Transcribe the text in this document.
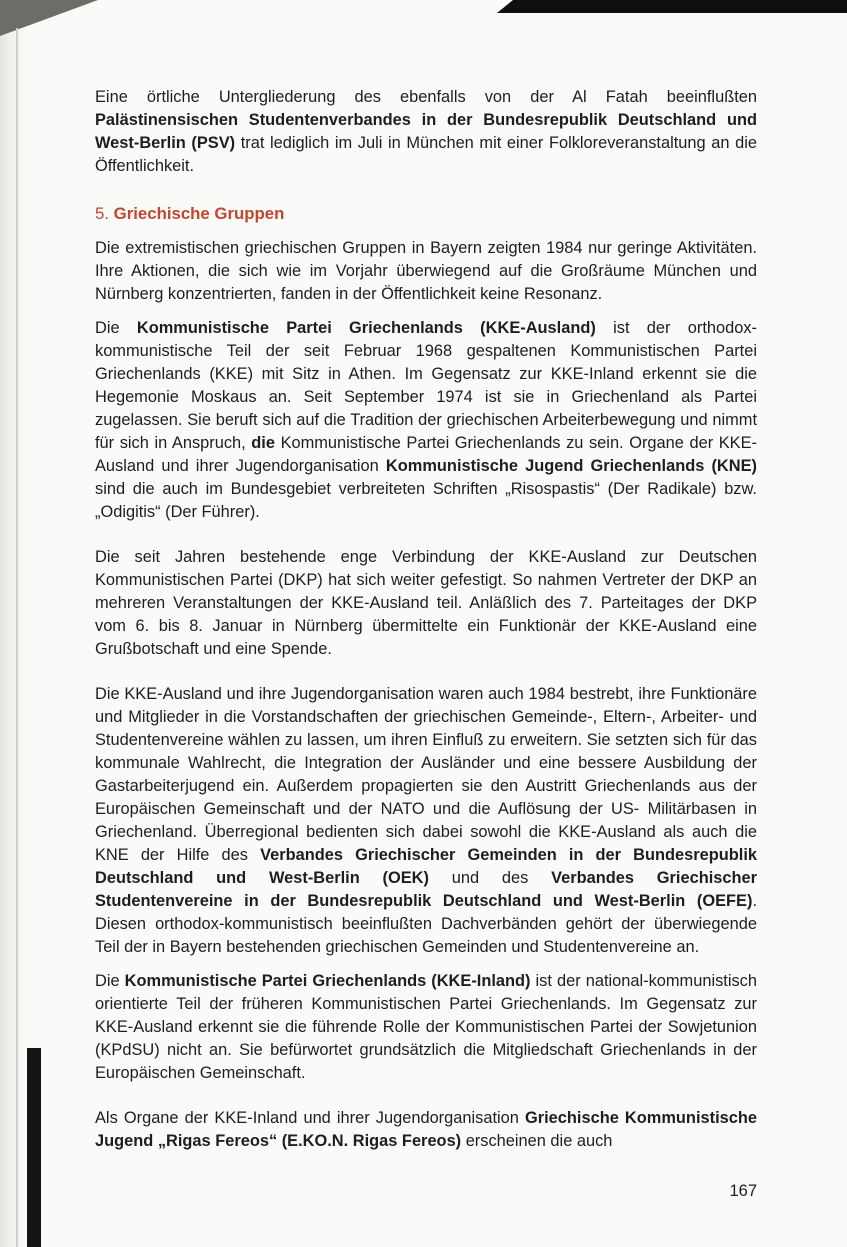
Eine örtliche Untergliederung des ebenfalls von der Al Fatah beeinflußten Palästinensischen Studentenverbandes in der Bundesrepublik Deutschland und West-Berlin (PSV) trat lediglich im Juli in München mit einer Folkloreveranstaltung an die Öffentlichkeit.

5. Griechische Gruppen

Die extremistischen griechischen Gruppen in Bayern zeigten 1984 nur geringe Aktivitäten. Ihre Aktionen, die sich wie im Vorjahr überwiegend auf die Großräume München und Nürnberg konzentrierten, fanden in der Öffentlichkeit keine Resonanz.

Die Kommunistische Partei Griechenlands (KKE-Ausland) ist der orthodox-kommunistische Teil der seit Februar 1968 gespaltenen Kommunistischen Partei Griechenlands (KKE) mit Sitz in Athen. Im Gegensatz zur KKE-Inland erkennt sie die Hegemonie Moskaus an. Seit September 1974 ist sie in Griechenland als Partei zugelassen. Sie beruft sich auf die Tradition der griechischen Arbeiterbewegung und nimmt für sich in Anspruch, die Kommunistische Partei Griechenlands zu sein. Organe der KKE-Ausland und ihrer Jugendorganisation Kommunistische Jugend Griechenlands (KNE) sind die auch im Bundesgebiet verbreiteten Schriften „Risospastis“ (Der Radikale) bzw. „Odigitis“ (Der Führer).

Die seit Jahren bestehende enge Verbindung der KKE-Ausland zur Deutschen Kommunistischen Partei (DKP) hat sich weiter gefestigt. So nahmen Vertreter der DKP an mehreren Veranstaltungen der KKE-Ausland teil. Anläßlich des 7. Parteitages der DKP vom 6. bis 8. Januar in Nürnberg übermittelte ein Funktionär der KKE-Ausland eine Grußbotschaft und eine Spende.

Die KKE-Ausland und ihre Jugendorganisation waren auch 1984 bestrebt, ihre Funktionäre und Mitglieder in die Vorstandschaften der griechischen Gemeinde-, Eltern-, Arbeiter- und Studentenvereine wählen zu lassen, um ihren Einfluß zu erweitern. Sie setzten sich für das kommunale Wahlrecht, die Integration der Ausländer und eine bessere Ausbildung der Gastarbeiterjugend ein. Außerdem propagierten sie den Austritt Griechenlands aus der Europäischen Gemeinschaft und der NATO und die Auflösung der US- Militärbasen in Griechenland. Überregional bedienten sich dabei sowohl die KKE-Ausland als auch die KNE der Hilfe des Verbandes Griechischer Gemeinden in der Bundesrepublik Deutschland und West-Berlin (OEK) und des Verbandes Griechischer Studentenvereine in der Bundesrepublik Deutschland und West-Berlin (OEFE). Diesen orthodox-kommunistisch beeinflußten Dachverbänden gehört der überwiegende Teil der in Bayern bestehenden griechischen Gemeinden und Studentenvereine an.

Die Kommunistische Partei Griechenlands (KKE-Inland) ist der national-kommunistisch orientierte Teil der früheren Kommunistischen Partei Griechenlands. Im Gegensatz zur KKE-Ausland erkennt sie die führende Rolle der Kommunistischen Partei der Sowjetunion (KPdSU) nicht an. Sie befürwortet grundsätzlich die Mitgliedschaft Griechenlands in der Europäischen Gemeinschaft.

Als Organe der KKE-Inland und ihrer Jugendorganisation Griechische Kommunistische Jugend „Rigas Fereos“ (E.KO.N. Rigas Fereos) erscheinen die auch

167
